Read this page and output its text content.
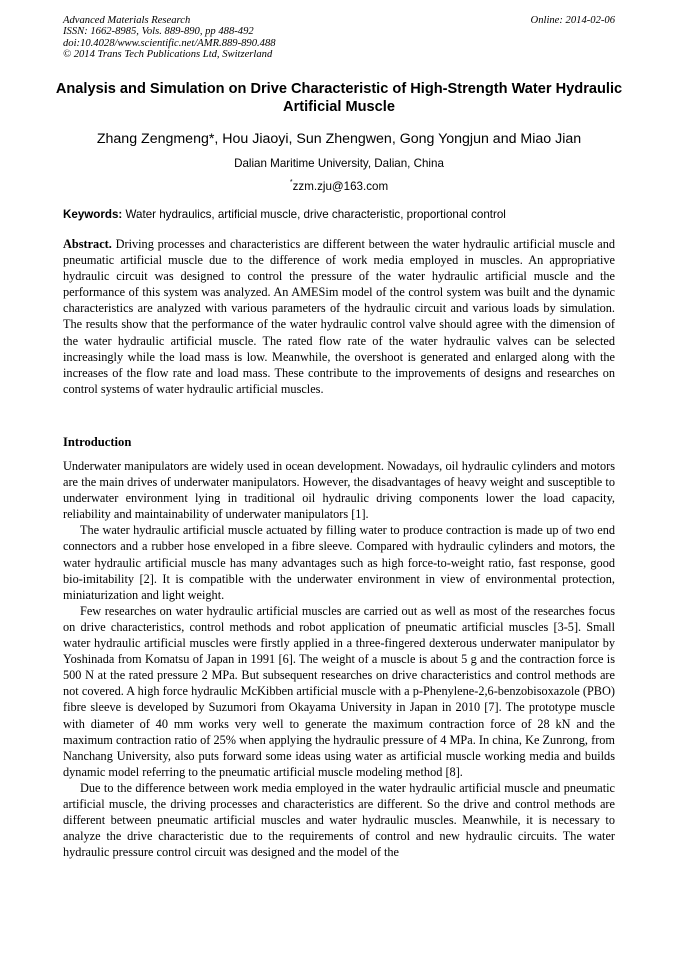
Advanced Materials Research
ISSN: 1662-8985, Vols. 889-890, pp 488-492
doi:10.4028/www.scientific.net/AMR.889-890.488
© 2014 Trans Tech Publications Ltd, Switzerland
Online: 2014-02-06
Analysis and Simulation on Drive Characteristic of High-Strength Water Hydraulic Artificial Muscle
Zhang Zengmeng*, Hou Jiaoyi, Sun Zhengwen, Gong Yongjun and Miao Jian
Dalian Maritime University, Dalian, China
*zzm.zju@163.com
Keywords: Water hydraulics, artificial muscle, drive characteristic, proportional control
Abstract. Driving processes and characteristics are different between the water hydraulic artificial muscle and pneumatic artificial muscle due to the difference of work media employed in muscles. An appropriative hydraulic circuit was designed to control the pressure of the water hydraulic artificial muscle and the performance of this system was analyzed. An AMESim model of the control system was built and the dynamic characteristics are analyzed with various parameters of the hydraulic circuit and various loads by simulation. The results show that the performance of the water hydraulic control valve should agree with the dimension of the water hydraulic artificial muscle. The rated flow rate of the water hydraulic valves can be selected increasingly while the load mass is low. Meanwhile, the overshoot is generated and enlarged along with the increases of the flow rate and load mass. These contribute to the improvements of designs and researches on control systems of water hydraulic artificial muscles.
Introduction

Underwater manipulators are widely used in ocean development. Nowadays, oil hydraulic cylinders and motors are the main drives of underwater manipulators. However, the disadvantages of heavy weight and susceptible to underwater environment lying in traditional oil hydraulic driving components lower the load capacity, reliability and maintainability of underwater manipulators [1].

The water hydraulic artificial muscle actuated by filling water to produce contraction is made up of two end connectors and a rubber hose enveloped in a fibre sleeve. Compared with hydraulic cylinders and motors, the water hydraulic artificial muscle has many advantages such as high force-to-weight ratio, fast response, good bio-imitability [2]. It is compatible with the underwater environment in view of environmental protection, miniaturization and light weight.

Few researches on water hydraulic artificial muscles are carried out as well as most of the researches focus on drive characteristics, control methods and robot application of pneumatic artificial muscles [3-5]. Small water hydraulic artificial muscles were firstly applied in a three-fingered dexterous underwater manipulator by Yoshinada from Komatsu of Japan in 1991 [6]. The weight of a muscle is about 5 g and the contraction force is 500 N at the rated pressure 2 MPa. But subsequent researches on drive characteristics and control methods are not covered. A high force hydraulic McKibben artificial muscle with a p-Phenylene-2,6-benzobisoxazole (PBO) fibre sleeve is developed by Suzumori from Okayama University in Japan in 2010 [7]. The prototype muscle with diameter of 40 mm works very well to generate the maximum contraction force of 28 kN and the maximum contraction ratio of 25% when applying the hydraulic pressure of 4 MPa. In china, Ke Zunrong, from Nanchang University, also puts forward some ideas using water as artificial muscle working media and builds dynamic model referring to the pneumatic artificial muscle modeling method [8].

Due to the difference between work media employed in the water hydraulic artificial muscle and pneumatic artificial muscle, the driving processes and characteristics are different. So the drive and control methods are different between pneumatic artificial muscles and water hydraulic muscles. Meanwhile, it is necessary to analyze the drive characteristic due to the requirements of control and new hydraulic circuits. The water hydraulic pressure control circuit was designed and the model of the
